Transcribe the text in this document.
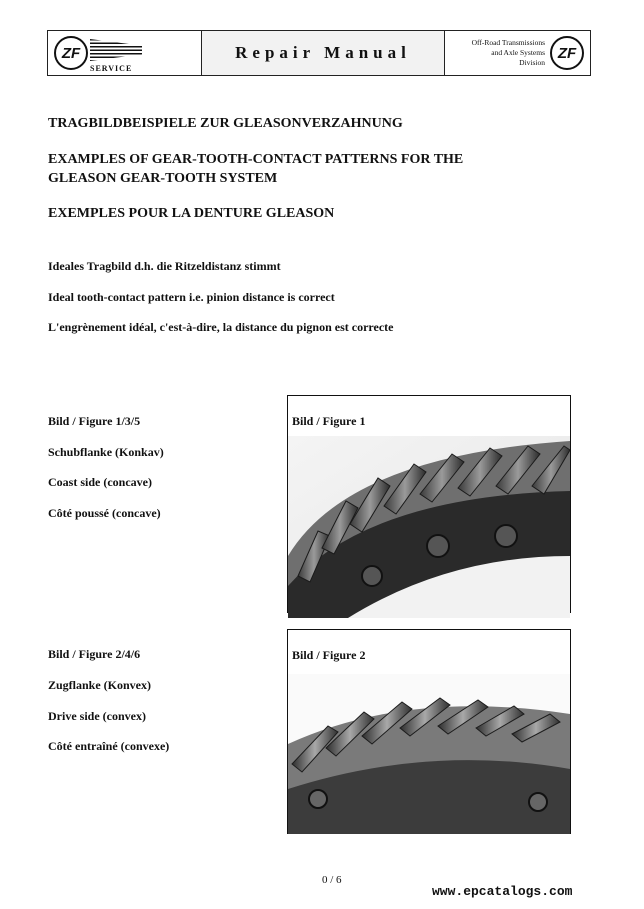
ZF
SERVICE
Repair Manual
Off-Road Transmissions
and Axle Systems
Division
ZF
TRAGBILDBEISPIELE ZUR GLEASONVERZAHNUNG
EXAMPLES OF GEAR-TOOTH-CONTACT PATTERNS FOR THE
GLEASON GEAR-TOOTH SYSTEM
EXEMPLES POUR LA DENTURE GLEASON
Ideales Tragbild d.h. die Ritzeldistanz stimmt
Ideal tooth-contact pattern i.e. pinion distance is correct
L'engrènement idéal, c'est-à-dire, la distance du pignon est correcte
Bild / Figure 1/3/5
Schubflanke (Konkav)
Coast side (concave)
Côté poussé (concave)
Bild / Figure 1
Bild / Figure 2/4/6
Zugflanke (Konvex)
Drive side (convex)
Côté entraîné (convexe)
Bild / Figure 2
0 / 6
www.epcatalogs.com
